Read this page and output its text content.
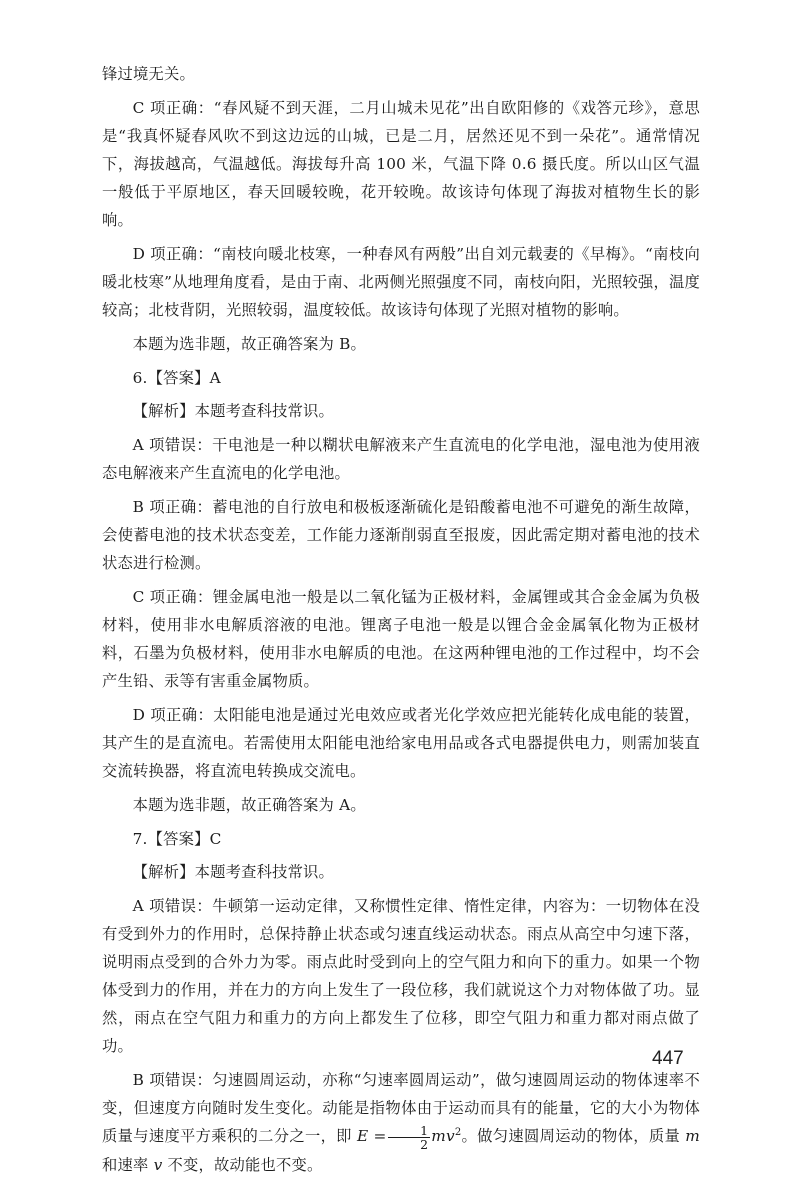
锋过境无关。

C 项正确：“春风疑不到天涯，二月山城未见花”出自欧阳修的《戏答元珍》，意思是“我真怀疑春风吹不到这边远的山城，已是二月，居然还见不到一朵花”。通常情况下，海拔越高，气温越低。海拔每升高 100 米，气温下降 0.6 摄氏度。所以山区气温一般低于平原地区，春天回暖较晚，花开较晚。故该诗句体现了海拔对植物生长的影响。

D 项正确：“南枝向暖北枝寒，一种春风有两般”出自刘元载妻的《早梅》。“南枝向暖北枝寒”从地理角度看，是由于南、北两侧光照强度不同，南枝向阳，光照较强，温度较高；北枝背阴，光照较弱，温度较低。故该诗句体现了光照对植物的影响。

本题为选非题，故正确答案为 B。

6.【答案】A

【解析】本题考查科技常识。

A 项错误：干电池是一种以糊状电解液来产生直流电的化学电池，湿电池为使用液态电解液来产生直流电的化学电池。

B 项正确：蓄电池的自行放电和极板逐渐硫化是铅酸蓄电池不可避免的渐生故障，会使蓄电池的技术状态变差，工作能力逐渐削弱直至报废，因此需定期对蓄电池的技术状态进行检测。

C 项正确：锂金属电池一般是以二氧化锰为正极材料，金属锂或其合金金属为负极材料，使用非水电解质溶液的电池。锂离子电池一般是以锂合金金属氧化物为正极材料，石墨为负极材料，使用非水电解质的电池。在这两种锂电池的工作过程中，均不会产生铅、汞等有害重金属物质。

D 项正确：太阳能电池是通过光电效应或者光化学效应把光能转化成电能的装置，其产生的是直流电。若需使用太阳能电池给家电用品或各式电器提供电力，则需加装直交流转换器，将直流电转换成交流电。

本题为选非题，故正确答案为 A。

7.【答案】C

【解析】本题考查科技常识。

A 项错误：牛顿第一运动定律，又称惯性定律、惰性定律，内容为：一切物体在没有受到外力的作用时，总保持静止状态或匀速直线运动状态。雨点从高空中匀速下落，说明雨点受到的合外力为零。雨点此时受到向上的空气阻力和向下的重力。如果一个物体受到力的作用，并在力的方向上发生了一段位移，我们就说这个力对物体做了功。显然，雨点在空气阻力和重力的方向上都发生了位移，即空气阻力和重力都对雨点做了功。

B 项错误：匀速圆周运动，亦称“匀速率圆周运动”，做匀速圆周运动的物体速率不变，但速度方向随时发生变化。动能是指物体由于运动而具有的能量，它的大小为物体质量与速度平方乘积的二分之一，即 $E = \frac{1}{2} mv^2$。做匀速圆周运动的物体，质量 m 和速率 v 不变，故动能也不变。

447
